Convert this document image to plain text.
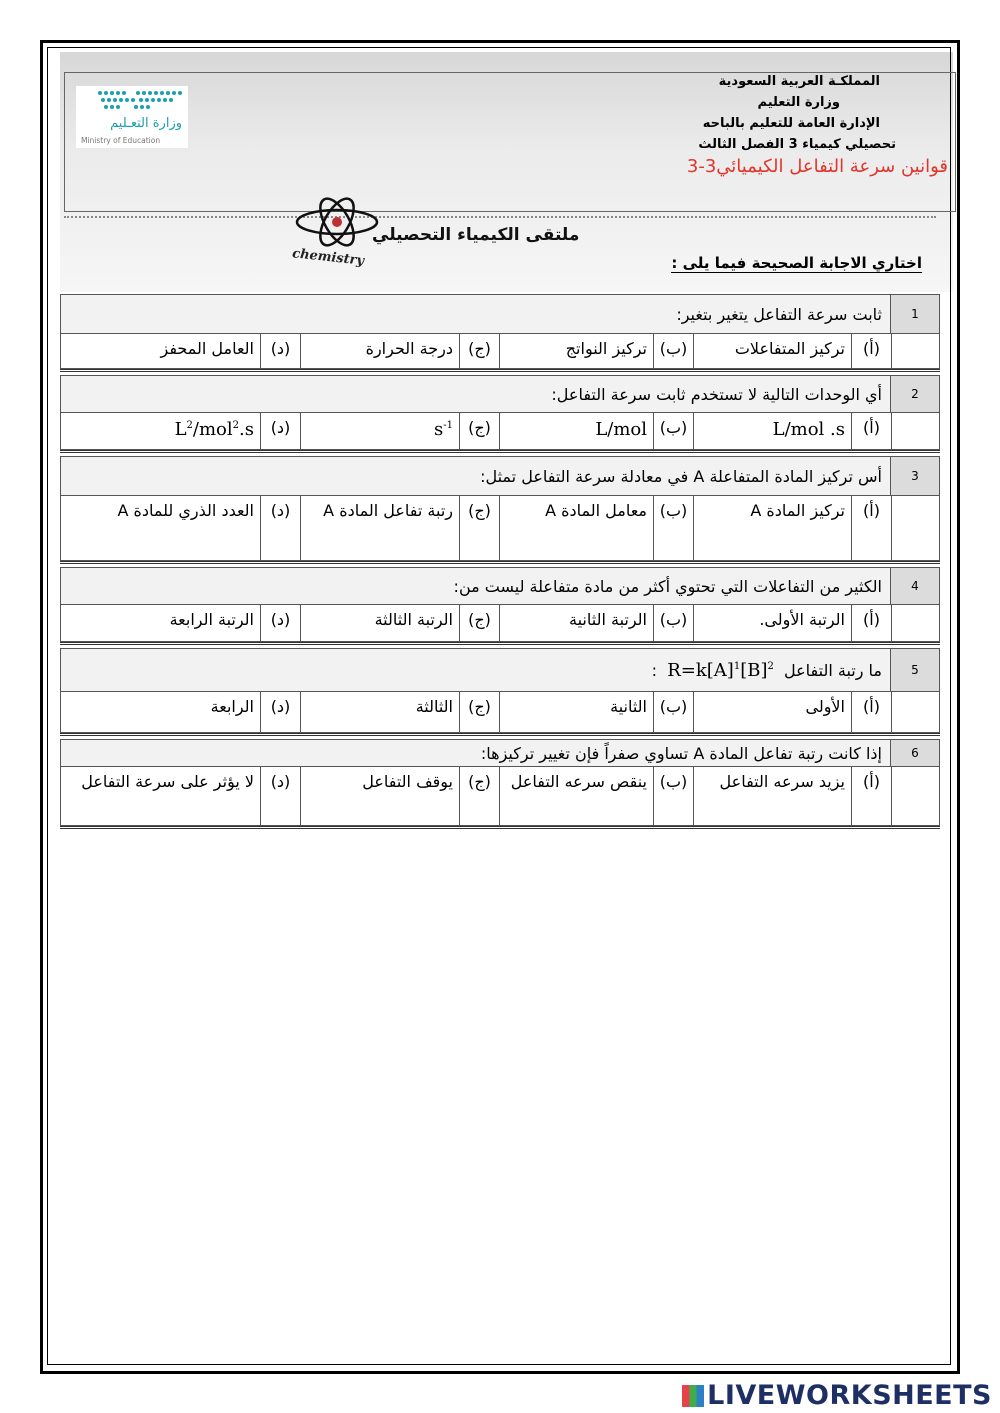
وزارة التعـليم
Ministry of Education
المملكـة العربية السعودية
وزارة التعليم
الإدارة العامة للتعليم بالباحه
تحصيلي كيمياء 3 الفصل الثالث
قوانين سرعة التفاعل الكيميائي3-3
ملتقى الكيمياء التحصيلي
chemistry	اختاري الاجابة الصحيحة فيما يلى :
1
ثابت سرعة التفاعل يتغير بتغير:
(أ)
تركيز المتفاعلات
(ب)
تركيز النواتج
(ج)
درجة الحرارة
(د)
العامل المحفز
2
أي الوحدات التالية لا تستخدم ثابت سرعة التفاعل:
(أ)
L/mol .s
(ب)
L/mol
(ج)
$s^{-1}$
(د)
$L^2/mol^2.s$
3
أس تركيز المادة المتفاعلة A في معادلة سرعة التفاعل تمثل:
(أ)
تركيز المادة A
(ب)
معامل المادة A
(ج)
رتبة تفاعل المادة A
(د)
العدد الذري للمادة A
4
الكثير من التفاعلات التي تحتوي أكثر من مادة متفاعلة ليست من:
(أ)
الرتبة الأولى.
(ب)
الرتبة الثانية
(ج)
الرتبة الثالثة
(د)
الرتبة الرابعة
5
ما رتبة التفاعل
$R=k[A]^1[B]^2$
:
(أ)
الأولى
(ب)
الثانية
(ج)
الثالثة
(د)
الرابعة
6
إذا كانت رتبة تفاعل المادة A تساوي صفراً فإن تغيير تركيزها:
(أ)
يزيد سرعه التفاعل
(ب)
ينقص سرعه التفاعل
(ج)
يوقف التفاعل
(د)
لا يؤثر على سرعة التفاعل
LIVEWORKSHEETS
